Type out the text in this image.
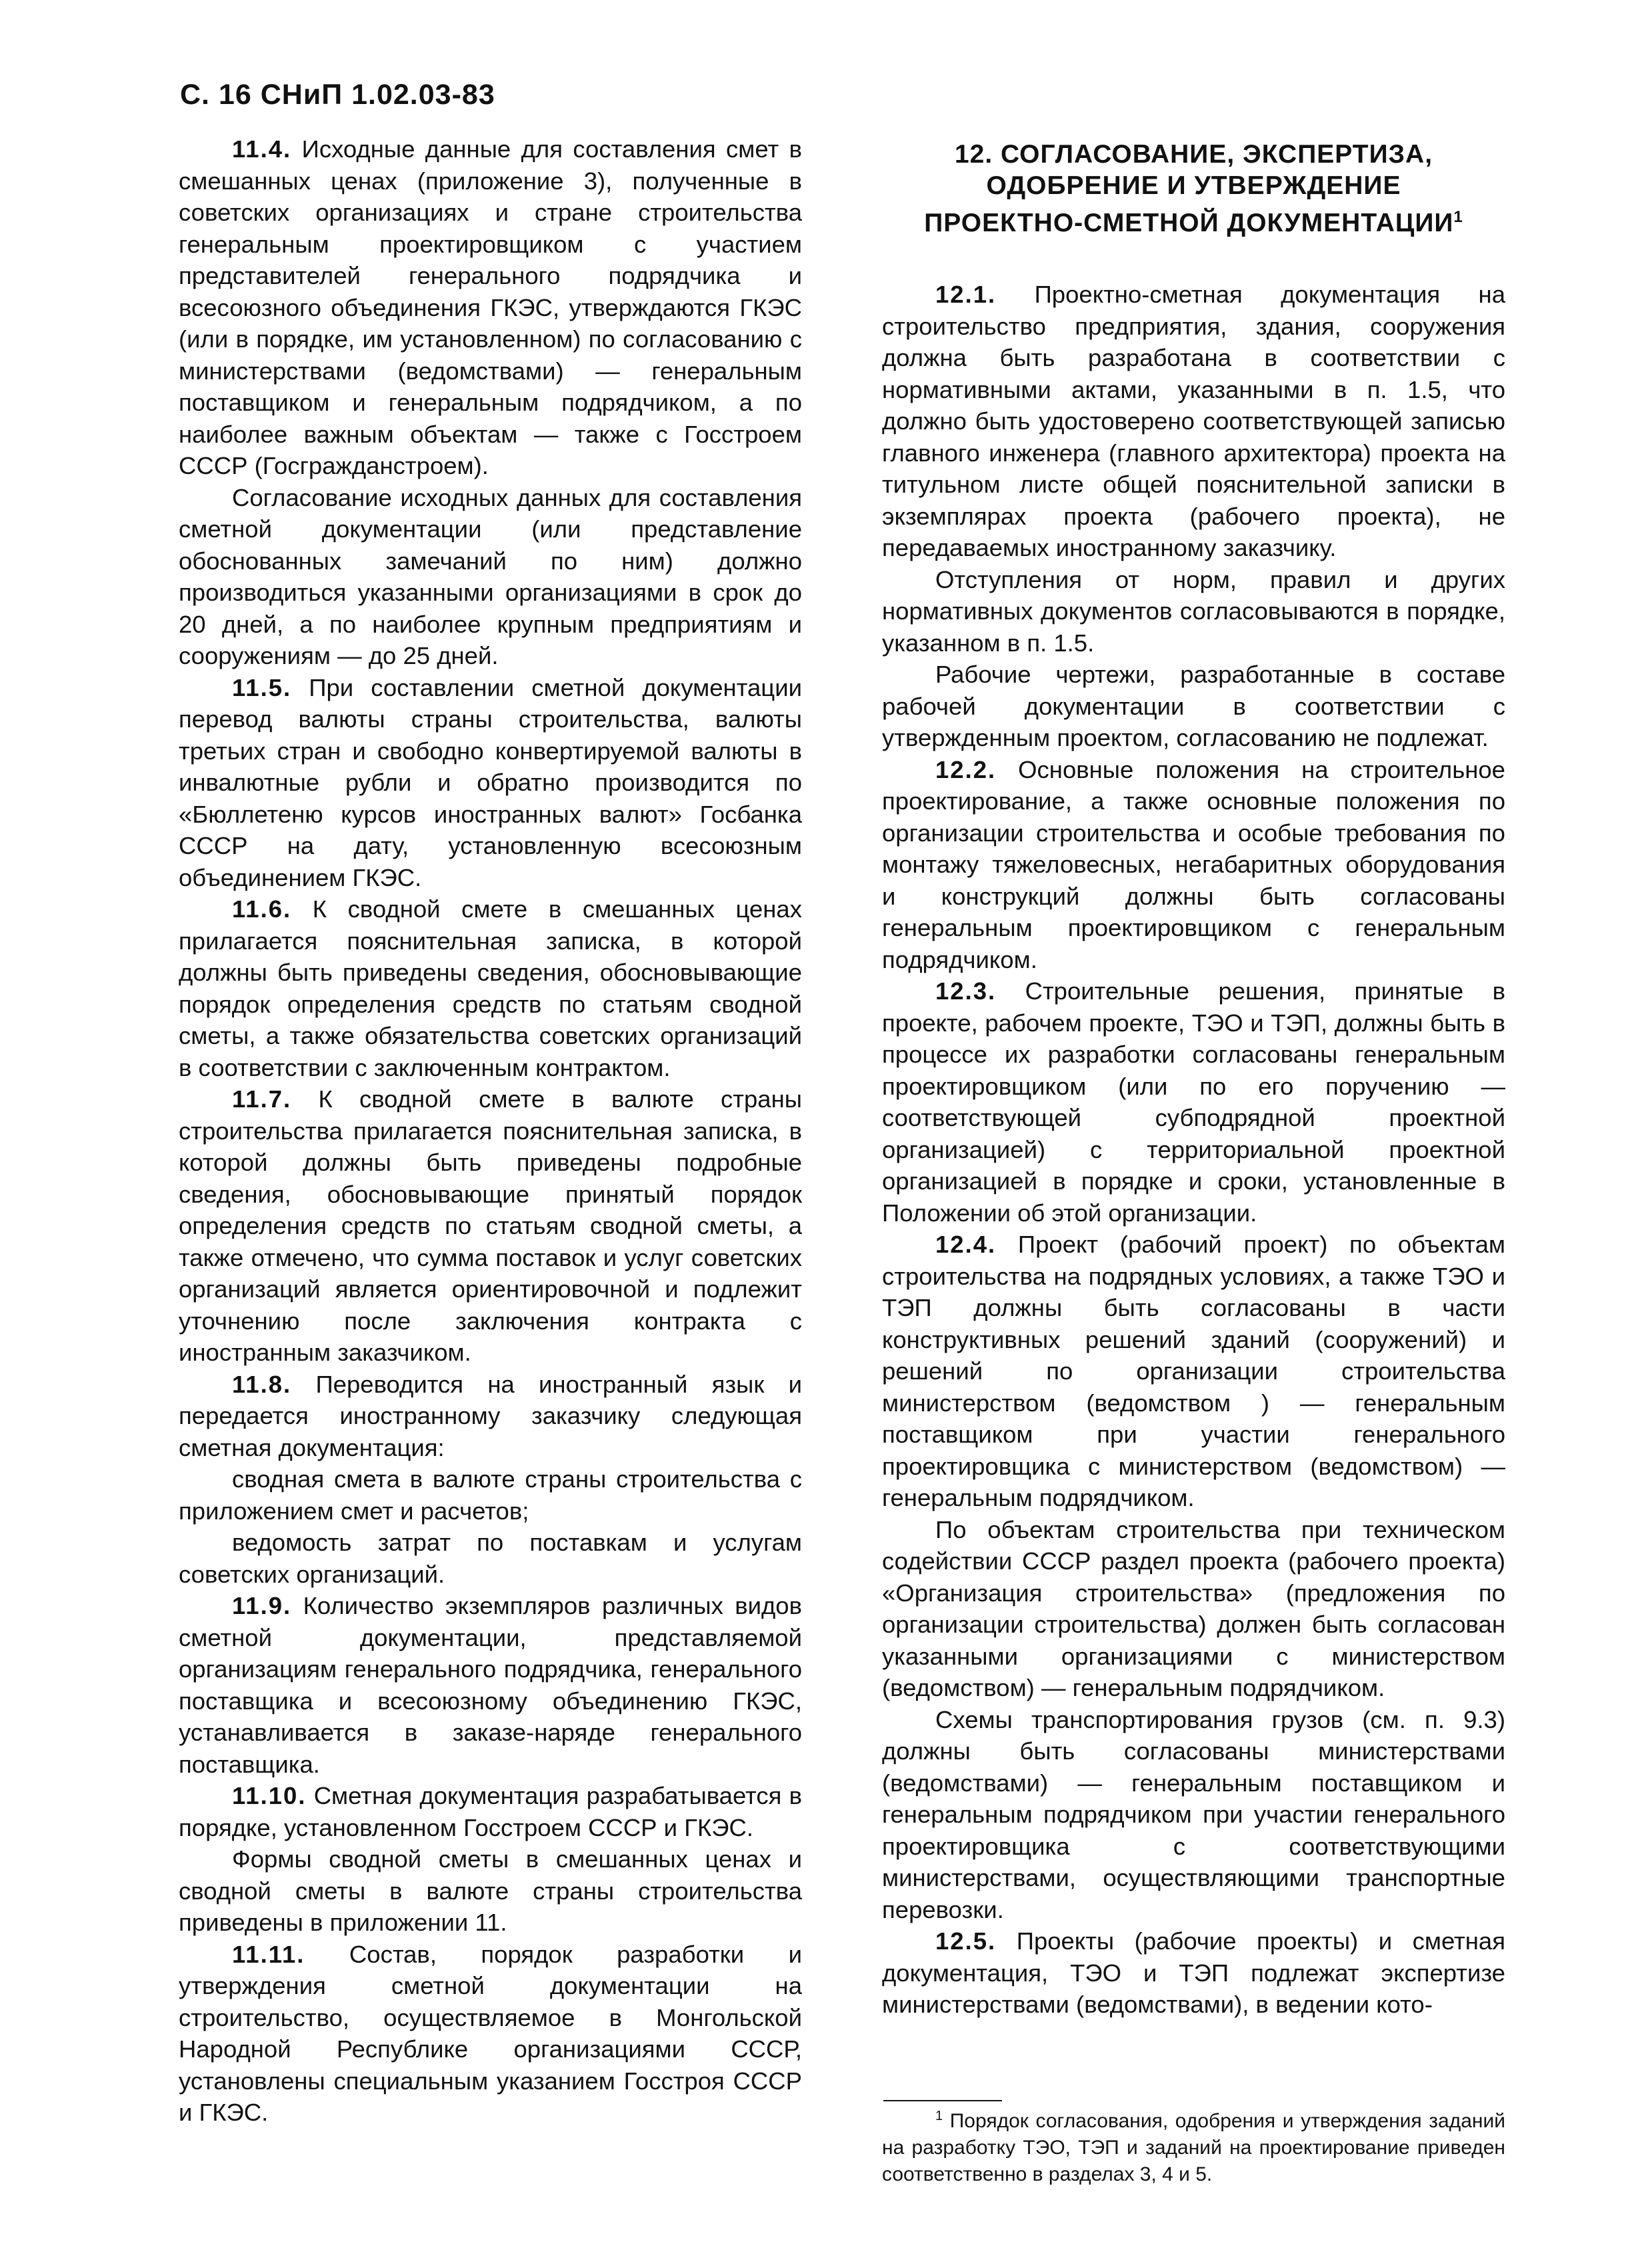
С. 16 СНиП 1.02.03-83

11.4. Исходные данные для составления смет в смешанных ценах (приложение 3), полученные в советских организациях и стране строительства генеральным проектировщиком с участием представителей генерального подрядчика и всесоюзного объединения ГКЭС, утверждаются ГКЭС (или в порядке, им установленном) по согласованию с министерствами (ведомствами) — генеральным поставщиком и генеральным подрядчиком, а по наиболее важным объектам — также с Госстроем СССР (Госгражданстроем).

Согласование исходных данных для составления сметной документации (или представление обоснованных замечаний по ним) должно производиться указанными организациями в срок до 20 дней, а по наиболее крупным предприятиям и сооружениям — до 25 дней.

11.5. При составлении сметной документации перевод валюты страны строительства, валюты третьих стран и свободно конвертируемой валюты в инвалютные рубли и обратно производится по «Бюллетеню курсов иностранных валют» Госбанка СССР на дату, установленную всесоюзным объединением ГКЭС.

11.6. К сводной смете в смешанных ценах прилагается пояснительная записка, в которой должны быть приведены сведения, обосновывающие порядок определения средств по статьям сводной сметы, а также обязательства советских организаций в соответствии с заключенным контрактом.

11.7. К сводной смете в валюте страны строительства прилагается пояснительная записка, в которой должны быть приведены подробные сведения, обосновывающие принятый порядок определения средств по статьям сводной сметы, а также отмечено, что сумма поставок и услуг советских организаций является ориентировочной и подлежит уточнению после заключения контракта с иностранным заказчиком.

11.8. Переводится на иностранный язык и передается иностранному заказчику следующая сметная документация:

сводная смета в валюте страны строительства с приложением смет и расчетов;

ведомость затрат по поставкам и услугам советских организаций.

11.9. Количество экземпляров различных видов сметной документации, представляемой организациям генерального подрядчика, генерального поставщика и всесоюзному объединению ГКЭС, устанавливается в заказе-наряде генерального поставщика.

11.10. Сметная документация разрабатывается в порядке, установленном Госстроем СССР и ГКЭС.

Формы сводной сметы в смешанных ценах и сводной сметы в валюте страны строительства приведены в приложении 11.

11.11. Состав, порядок разработки и утверждения сметной документации на строительство, осуществляемое в Монгольской Народной Республике организациями СССР, установлены специальным указанием Госстроя СССР и ГКЭС.

12. СОГЛАСОВАНИЕ, ЭКСПЕРТИЗА,
ОДОБРЕНИЕ И УТВЕРЖДЕНИЕ
ПРОЕКТНО-СМЕТНОЙ ДОКУМЕНТАЦИИ$^1$

12.1. Проектно-сметная документация на строительство предприятия, здания, сооружения должна быть разработана в соответствии с нормативными актами, указанными в п. 1.5, что должно быть удостоверено соответствующей записью главного инженера (главного архитектора) проекта на титульном листе общей пояснительной записки в экземплярах проекта (рабочего проекта), не передаваемых иностранному заказчику.

Отступления от норм, правил и других нормативных документов согласовываются в порядке, указанном в п. 1.5.

Рабочие чертежи, разработанные в составе рабочей документации в соответствии с утвержденным проектом, согласованию не подлежат.

12.2. Основные положения на строительное проектирование, а также основные положения по организации строительства и особые требования по монтажу тяжеловесных, негабаритных оборудования и конструкций должны быть согласованы генеральным проектировщиком с генеральным подрядчиком.

12.3. Строительные решения, принятые в проекте, рабочем проекте, ТЭО и ТЭП, должны быть в процессе их разработки согласованы генеральным проектировщиком (или по его поручению — соответствующей субподрядной проектной организацией) с территориальной проектной организацией в порядке и сроки, установленные в Положении об этой организации.

12.4. Проект (рабочий проект) по объектам строительства на подрядных условиях, а также ТЭО и ТЭП должны быть согласованы в части конструктивных решений зданий (сооружений) и решений по организации строительства министерством (ведомством ) — генеральным поставщиком при участии генерального проектировщика с министерством (ведомством) — генеральным подрядчиком.

По объектам строительства при техническом содействии СССР раздел проекта (рабочего проекта) «Организация строительства» (предложения по организации строительства) должен быть согласован указанными организациями с министерством (ведомством) — генеральным подрядчиком.

Схемы транспортирования грузов (см. п. 9.3) должны быть согласованы министерствами (ведомствами) — генеральным поставщиком и генеральным подрядчиком при участии генерального проектировщика с соответствующими министерствами, осуществляющими транспортные перевозки.

12.5. Проекты (рабочие проекты) и сметная документация, ТЭО и ТЭП подлежат экспертизе министерствами (ведомствами), в ведении кото-

$^1$ Порядок согласования, одобрения и утверждения заданий на разработку ТЭО, ТЭП и заданий на проектирование приведен соответственно в разделах 3, 4 и 5.
